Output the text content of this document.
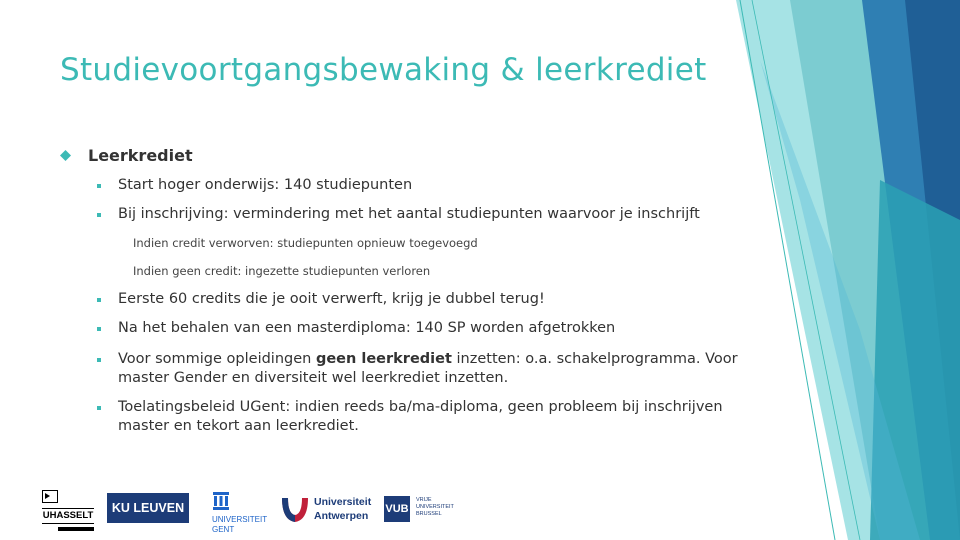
Studievoortgangsbewaking & leerkrediet
Leerkrediet
Start hoger onderwijs: 140 studiepunten
Bij inschrijving: vermindering met het aantal studiepunten waarvoor je inschrijft
Indien credit verworven: studiepunten opnieuw toegevoegd
Indien geen credit: ingezette studiepunten verloren
Eerste 60 credits die je ooit verwerft, krijg je dubbel terug!
Na het behalen van een masterdiploma: 140 SP worden afgetrokken
Voor sommige opleidingen geen leerkrediet inzetten: o.a. schakelprogramma. Voor master Gender en diversiteit wel leerkrediet inzetten.
Toelatingsbeleid UGent: indien reeds ba/ma-diploma, geen probleem bij inschrijven master en tekort aan leerkrediet.
UHASSELT
KU LEUVEN
UNIVERSITEIT
GENT
Universiteit
Antwerpen
VUB
VRIJE
UNIVERSITEIT
BRUSSEL
